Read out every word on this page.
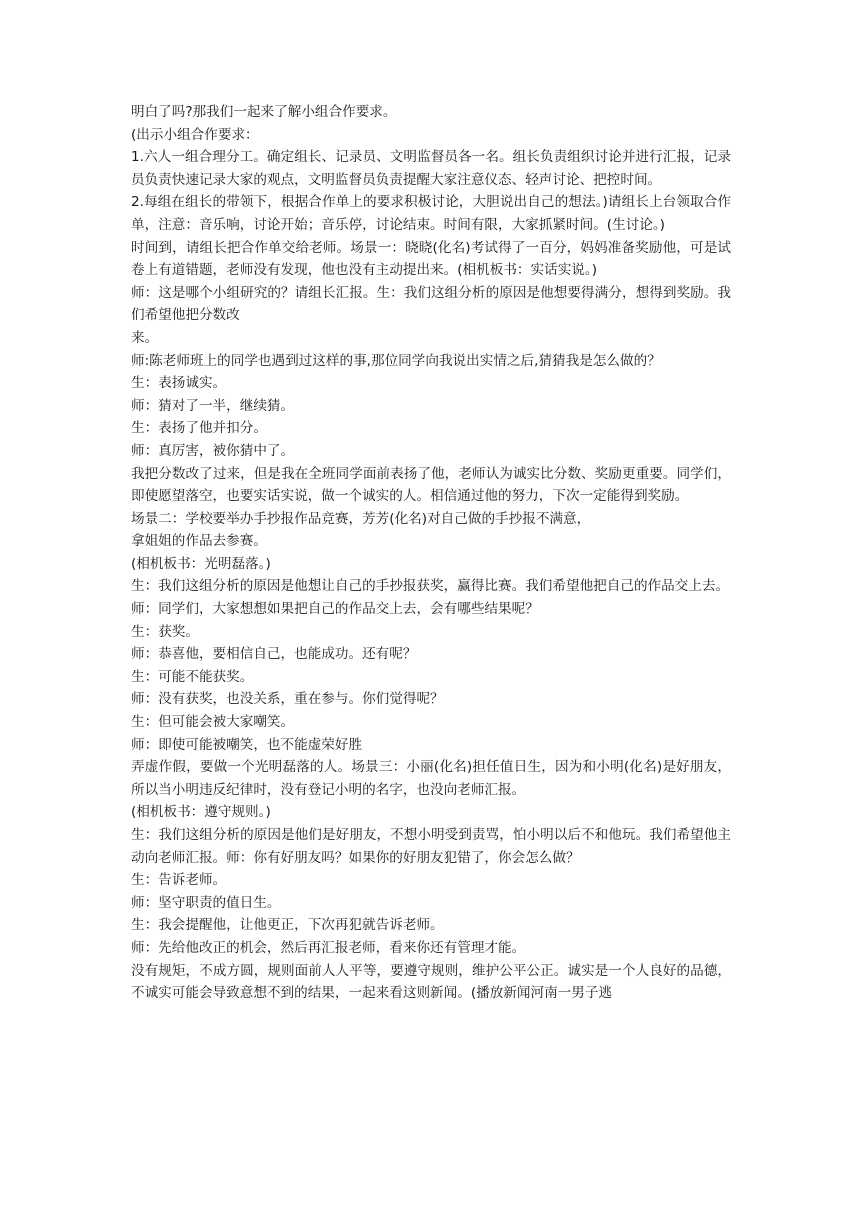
明白了吗?那我们一起来了解小组合作要求。

(出示小组合作要求：

1.六人一组合理分工。确定组长、记录员、文明监督员各一名。组长负责组织讨论并进行汇报，记录员负责快速记录大家的观点，文明监督员负责提醒大家注意仪态、轻声讨论、把控时间。

2.每组在组长的带领下，根据合作单上的要求积极讨论，大胆说出自己的想法。)请组长上台领取合作单，注意：音乐响，讨论开始；音乐停，讨论结束。时间有限，大家抓紧时间。(生讨论。)

时间到，请组长把合作单交给老师。场景一：晓晓(化名)考试得了一百分，妈妈准备奖励他，可是试卷上有道错题，老师没有发现，他也没有主动提出来。(相机板书：实话实说。)

师：这是哪个小组研究的？请组长汇报。生：我们这组分析的原因是他想要得满分，想得到奖励。我们希望他把分数改

来。

师:陈老师班上的同学也遇到过这样的事,那位同学向我说出实情之后,猜猜我是怎么做的？

生：表扬诚实。

师：猜对了一半，继续猜。

生：表扬了他并扣分。

师：真厉害，被你猜中了。

我把分数改了过来，但是我在全班同学面前表扬了他，老师认为诚实比分数、奖励更重要。同学们，即使愿望落空，也要实话实说，做一个诚实的人。相信通过他的努力，下次一定能得到奖励。

场景二：学校要举办手抄报作品竞赛，芳芳(化名)对自己做的手抄报不满意，

拿姐姐的作品去参赛。

(相机板书：光明磊落。)

生：我们这组分析的原因是他想让自己的手抄报获奖，赢得比赛。我们希望他把自己的作品交上去。

师：同学们，大家想想如果把自己的作品交上去，会有哪些结果呢？

生：获奖。

师：恭喜他，要相信自己，也能成功。还有呢？

生：可能不能获奖。

师：没有获奖，也没关系，重在参与。你们觉得呢？

生：但可能会被大家嘲笑。

师：即使可能被嘲笑，也不能虚荣好胜

弄虚作假，要做一个光明磊落的人。场景三：小丽(化名)担任值日生，因为和小明(化名)是好朋友，所以当小明违反纪律时，没有登记小明的名字，也没向老师汇报。

(相机板书：遵守规则。)

生：我们这组分析的原因是他们是好朋友，不想小明受到责骂，怕小明以后不和他玩。我们希望他主动向老师汇报。师：你有好朋友吗？如果你的好朋友犯错了，你会怎么做？

生：告诉老师。

师：坚守职责的值日生。

生：我会提醒他，让他更正，下次再犯就告诉老师。

师：先给他改正的机会，然后再汇报老师，看来你还有管理才能。

没有规矩，不成方圆，规则面前人人平等，要遵守规则，维护公平公正。诚实是一个人良好的品德，不诚实可能会导致意想不到的结果，一起来看这则新闻。(播放新闻河南一男子逃
